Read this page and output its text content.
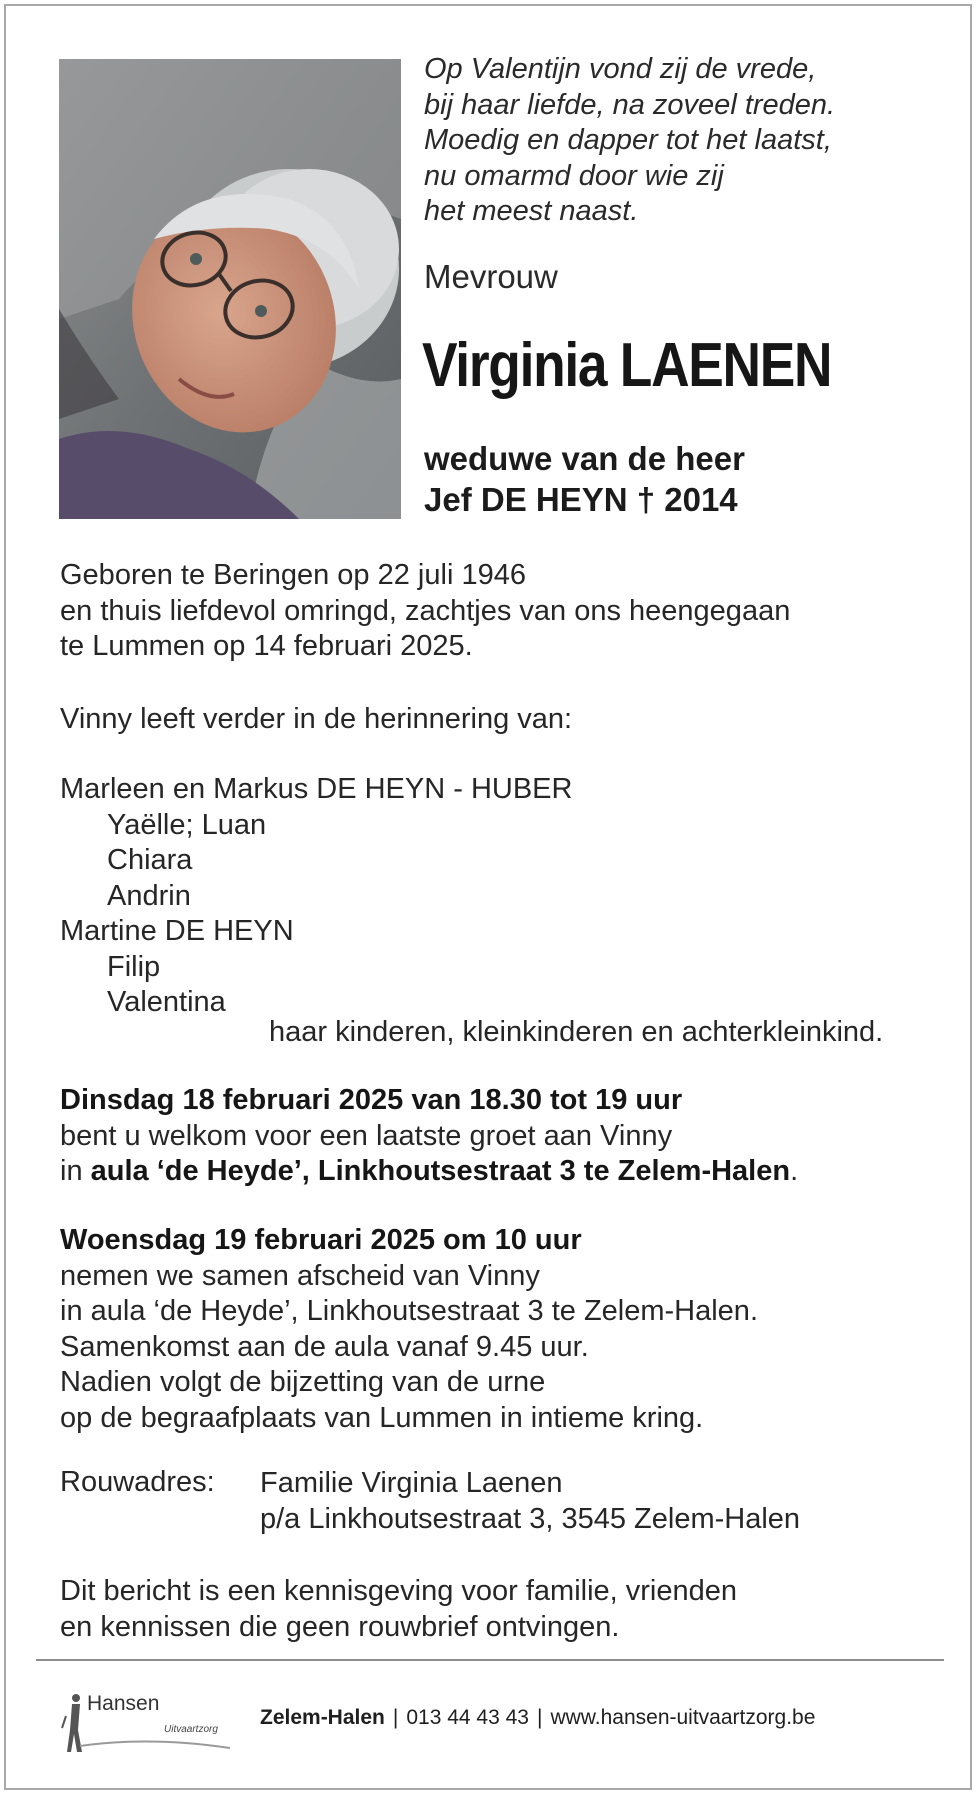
Op Valentijn vond zij de vrede,
bij haar liefde, na zoveel treden.
Moedig en dapper tot het laatst,
nu omarmd door wie zij
het meest naast.
Mevrouw
Virginia LAENEN
weduwe van de heer
Jef DE HEYN † 2014
Geboren te Beringen op 22 juli 1946
en thuis liefdevol omringd, zachtjes van ons heengegaan
te Lummen op 14 februari 2025.
Vinny leeft verder in de herinnering van:
Marleen en Markus DE HEYN - HUBER
Yaëlle; Luan
Chiara
Andrin
Martine DE HEYN
Filip
Valentina
haar kinderen, kleinkinderen en achterkleinkind.
Dinsdag 18 februari 2025 van 18.30 tot 19 uur
bent u welkom voor een laatste groet aan Vinny
in aula ‘de Heyde’, Linkhoutsestraat 3 te Zelem-Halen.
Woensdag 19 februari 2025 om 10 uur
nemen we samen afscheid van Vinny
in aula ‘de Heyde’, Linkhoutsestraat 3 te Zelem-Halen.
Samenkomst aan de aula vanaf 9.45 uur.
Nadien volgt de bijzetting van de urne
op de begraafplaats van Lummen in intieme kring.
Rouwadres: Familie Virginia Laenen
p/a Linkhoutsestraat 3, 3545 Zelem-Halen
Dit bericht is een kennisgeving voor familie, vrienden
en kennissen die geen rouwbrief ontvingen.
Hansen
Uitvaartzorg
Zelem-Halen | 013 44 43 43 | www.hansen-uitvaartzorg.be
